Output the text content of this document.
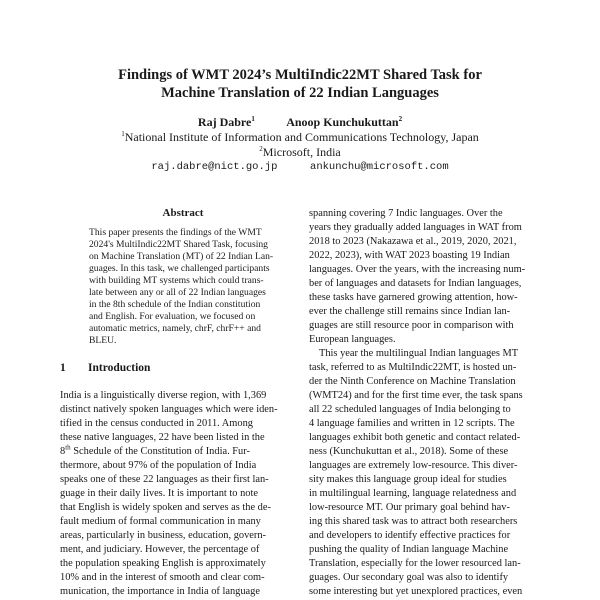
Findings of WMT 2024’s MultiIndic22MT Shared Task for
Machine Translation of 22 Indian Languages
Raj Dabre$^1$	Anoop Kunchukuttan$^2$
$^1$National Institute of Information and Communications Technology, Japan
$^2$Microsoft, India
raj.dabre@nict.go.jp	ankunchu@microsoft.com
Abstract
This paper presents the findings of the WMT
2024's MultiIndic22MT Shared Task, focusing
on Machine Translation (MT) of 22 Indian Lan-
guages. In this task, we challenged participants
with building MT systems which could trans-
late between any or all of 22 Indian languages
in the 8th schedule of the Indian constitution
and English. For evaluation, we focused on
automatic metrics, namely, chrF, chrF++ and
BLEU.
1 Introduction
India is a linguistically diverse region, with 1,369
distinct natively spoken languages which were iden-
tified in the census conducted in 2011. Among
these native languages, 22 have been listed in the
8th Schedule of the Constitution of India. Fur-
thermore, about 97% of the population of India
speaks one of these 22 languages as their first lan-
guage in their daily lives. It is important to note
that English is widely spoken and serves as the de-
fault medium of formal communication in many
areas, particularly in business, education, govern-
ment, and judiciary. However, the percentage of
the population speaking English is approximately
10% and in the interest of smooth and clear com-
munication, the importance in India of language
spanning covering 7 Indic languages. Over the
years they gradually added languages in WAT from
2018 to 2023 (Nakazawa et al., 2019, 2020, 2021,
2022, 2023), with WAT 2023 boasting 19 Indian
languages. Over the years, with the increasing num-
ber of languages and datasets for Indian languages,
these tasks have garnered growing attention, how-
ever the challenge still remains since Indian lan-
guages are still resource poor in comparison with
European languages.
This year the multilingual Indian languages MT
task, referred to as MultiIndic22MT, is hosted un-
der the Ninth Conference on Machine Translation
(WMT24) and for the first time ever, the task spans
all 22 scheduled languages of India belonging to
4 language families and written in 12 scripts. The
languages exhibit both genetic and contact related-
ness (Kunchukuttan et al., 2018). Some of these
languages are extremely low-resource. This diver-
sity makes this language group ideal for studies
in multilingual learning, language relatedness and
low-resource MT. Our primary goal behind hav-
ing this shared task was to attract both researchers
and developers to identify effective practices for
pushing the quality of Indian language Machine
Translation, especially for the lower resourced lan-
guages. Our secondary goal was also to identify
some interesting but yet unexplored practices, even
